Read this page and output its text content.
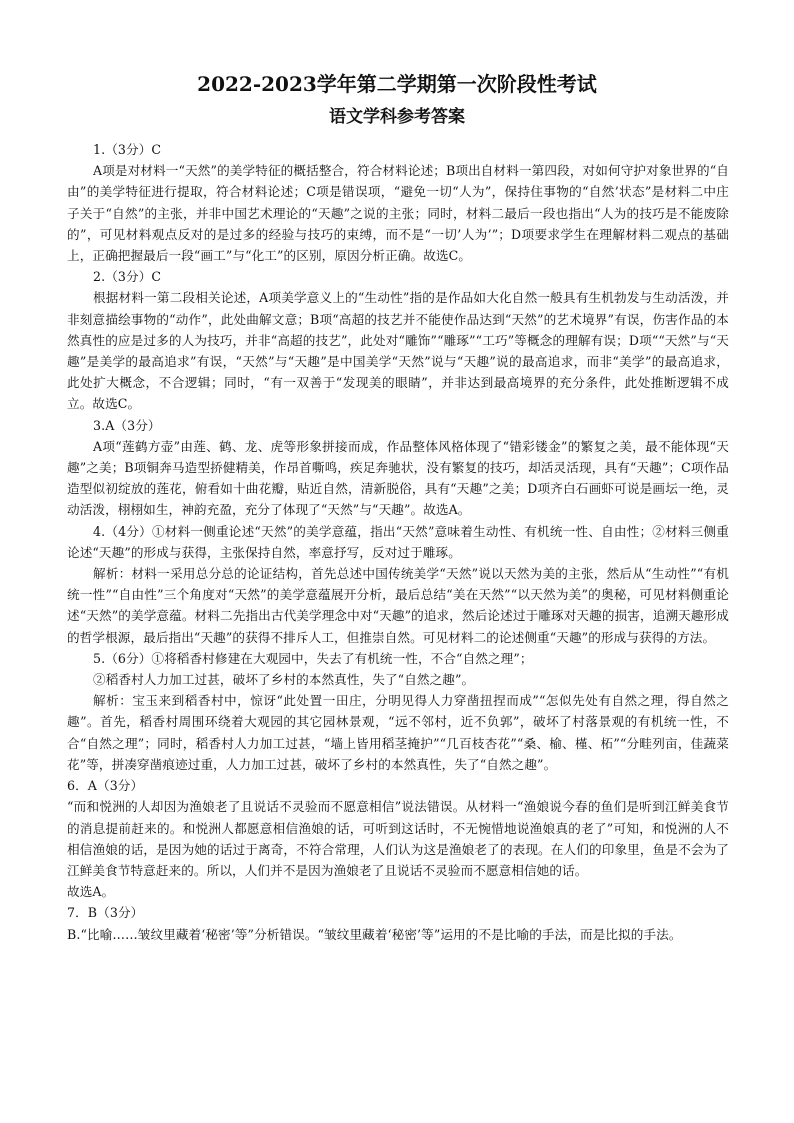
2022-2023学年第二学期第一次阶段性考试
语文学科参考答案

1.（3分）C

A项是对材料一“天然”的美学特征的概括整合，符合材料论述；B项出自材料一第四段，对如何守护对象世界的“自由”的美学特征进行提取，符合材料论述；C项是错误项，“避免一切“人为”，保持住事物的“自然’状态”是材料二中庄子关于“自然”的主张，并非中国艺术理论的“天趣”之说的主张；同时，材料二最后一段也指出“人为的技巧是不能废除的”，可见材料观点反对的是过多的经验与技巧的束缚，而不是“一切’人为’”；D项要求学生在理解材料二观点的基础上，正确把握最后一段“画工”与“化工”的区别，原因分析正确。故选C。

2.（3分）C

根据材料一第二段相关论述，A项美学意义上的“生动性”指的是作品如大化自然一般具有生机勃发与生动活泼，并非刻意描绘事物的“动作”，此处曲解文意；B项“高超的技艺并不能使作品达到“天然”的艺术境界”有误，伤害作品的本然真性的应是过多的人为技巧，并非“高超的技艺”，此处对“雕饰”“雕琢”“工巧”等概念的理解有误；D项““天然”与“天趣”是美学的最高追求”有误，“天然”与“天趣”是中国美学“天然”说与“天趣”说的最高追求，而非“美学”的最高追求，此处扩大概念，不合逻辑；同时，“有一双善于“发现美的眼睛”，并非达到最高境界的充分条件，此处推断逻辑不成立。故选C。

3.A（3分）

A项“莲鹤方壶”由莲、鹤、龙、虎等形象拼接而成，作品整体风格体现了“错彩镂金”的繁复之美，最不能体现“天趣”之美；B项铜奔马造型挢健精美，作昂首嘶鸣，疾足奔驰状，没有繁复的技巧，却活灵活现，具有“天趣”；C项作品造型似初绽放的莲花，俯看如十曲花瓣，贴近自然，清新脱俗，具有“天趣”之美；D项齐白石画虾可说是画坛一绝，灵动活泼，栩栩如生，神韵充盈，充分了体现了“天然”与“天趣”。故选A。

4.（4分）①材料一侧重论述“天然”的美学意蕴，指出“天然”意味着生动性、有机统一性、自由性；②材料三侧重论述“天趣”的形成与获得，主张保持自然，率意抒写，反对过于雕琢。

解析：材料一采用总分总的论证结构，首先总述中国传统美学“天然”说以天然为美的主张，然后从“生动性”“有机统一性”“自由性”三个角度对“天然”的美学意蕴展开分析，最后总结“美在天然”“以天然为美”的奥秘，可见材料侧重论述“天然”的美学意蕴。材料二先指出古代美学理念中对“天趣”的追求，然后论述过于雕琢对天趣的损害，追溯天趣形成的哲学根源，最后指出“天趣”的获得不排斥人工，但推崇自然。可见材料二的论述侧重“天趣”的形成与获得的方法。

5.（6分）①将稻香村修建在大观园中，失去了有机统一性，不合“自然之理”；

②稻香村人力加工过甚，破坏了乡村的本然真性，失了“自然之趣”。

解析：宝玉来到稻香村中，惊讶“此处置一田庄，分明见得人力穿凿扭捏而成”“怎似先处有自然之理，得自然之趣”。首先，稻香村周围环绕着大观园的其它园林景观，“远不邻村，近不负郭”，破坏了村落景观的有机统一性，不合“自然之理”；同时，稻香村人力加工过甚，“墙上皆用稻茎掩护”“几百枝杏花”“桑、榆、槿、柘”“分畦列亩，佳蔬菜花”等，拼凑穿凿痕迹过重，人力加工过甚，破坏了乡村的本然真性，失了“自然之趣”。

6．A（3分）

“而和悦洲的人却因为渔娘老了且说话不灵验而不愿意相信”说法错误。从材料一“渔娘说今春的鱼们是听到江鲜美食节的消息提前赶来的。和悦洲人都愿意相信渔娘的话，可听到这话时，不无惋惜地说渔娘真的老了”可知，和悦洲的人不相信渔娘的话，是因为她的话过于离奇，不符合常理，人们认为这是渔娘老了的表现。在人们的印象里，鱼是不会为了江鲜美食节特意赶来的。所以，人们并不是因为渔娘老了且说话不灵验而不愿意相信她的话。

故选A。

7．B（3分）

B.“比喻……皱纹里藏着‘秘密’等”分析错误。“皱纹里藏着‘秘密’等”运用的不是比喻的手法，而是比拟的手法。
